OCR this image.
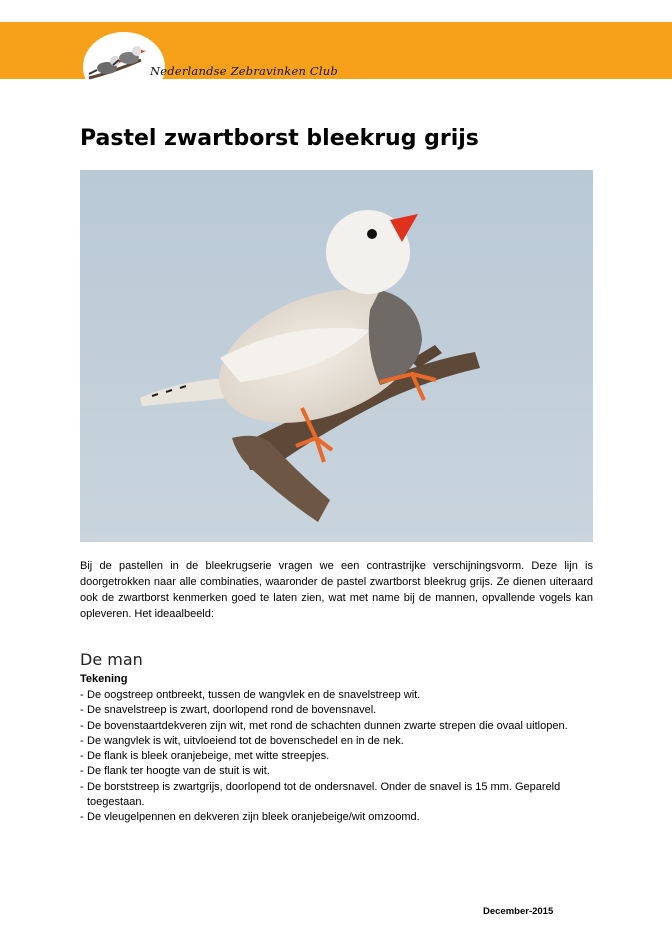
Nederlandse Zebravinken Club
Pastel zwartborst bleekrug grijs

Bij de pastellen in de bleekrugserie vragen we een contrastrijke verschijningsvorm. Deze lijn is doorgetrokken naar alle combinaties, waaronder de pastel zwartborst bleekrug grijs. Ze dienen uiteraard ook de zwartborst kenmerken goed te laten zien, wat met name bij de mannen, opvallende vogels kan opleveren. Het ideaalbeeld:

De man
Tekening
- De oogstreep ontbreekt, tussen de wangvlek en de snavelstreep wit.
- De snavelstreep is zwart, doorlopend rond de bovensnavel.
- De bovenstaartdekveren zijn wit, met rond de schachten dunnen zwarte strepen die ovaal uitlopen.
- De wangvlek is wit, uitvloeiend tot de bovenschedel en in de nek.
- De flank is bleek oranjebeige, met witte streepjes.
- De flank ter hoogte van de stuit is wit.
- De borststreep is zwartgrijs, doorlopend tot de ondersnavel. Onder de snavel is 15 mm. Gepareld toegestaan.
- De vleugelpennen en dekveren zijn bleek oranjebeige/wit omzoomd.
December-2015
